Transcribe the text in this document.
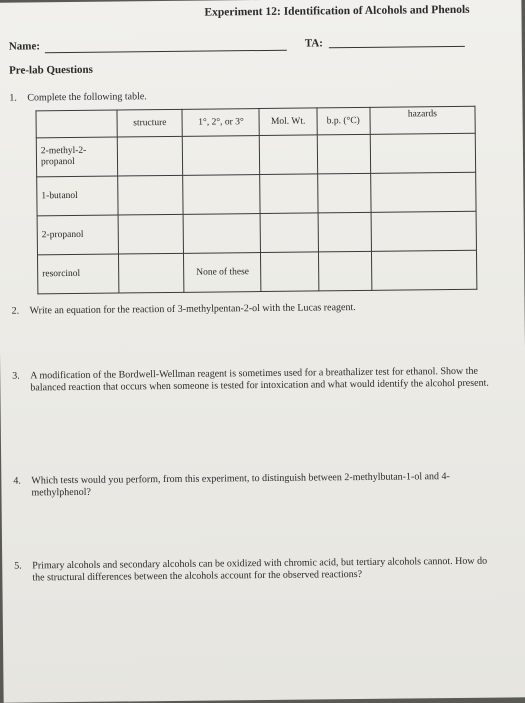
Experiment 12: Identification of Alcohols and Phenols
Name:	TA:
Pre-lab Questions
1. Complete the following table.
	structure	1°, 2°, or 3°	Mol. Wt.	b.p. (°C)	hazards
2-methyl-2-propanol					
1-butanol					
2-propanol					
resorcinol		None of these			
2. Write an equation for the reaction of 3-methylpentan-2-ol with the Lucas reagent.
3. A modification of the Bordwell-Wellman reagent is sometimes used for a breathalizer test for ethanol. Show the balanced reaction that occurs when someone is tested for intoxication and what would identify the alcohol present.
4. Which tests would you perform, from this experiment, to distinguish between 2-methylbutan-1-ol and 4-methylphenol?
5. Primary alcohols and secondary alcohols can be oxidized with chromic acid, but tertiary alcohols cannot. How do the structural differences between the alcohols account for the observed reactions?
